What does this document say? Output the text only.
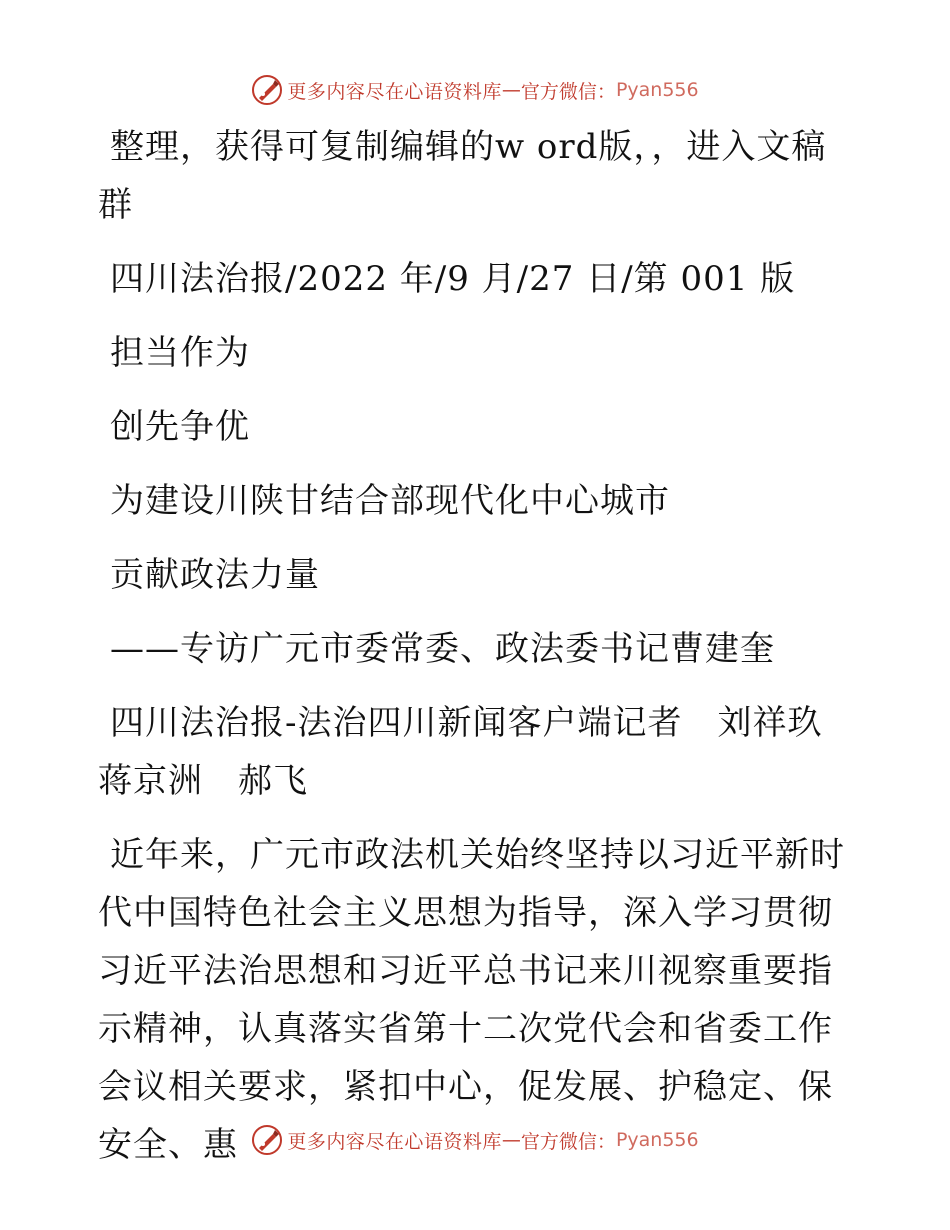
更多内容尽在心语资料库 — 官方微信： Pyan556

整理，获得可复制编辑的w ord版，，进入文稿群

四川法治报/2022 年/9 月/27 日/第 001 版

担当作为

创先争优

为建设川陕甘结合部现代化中心城市

贡献政法力量

——专访广元市委常委、政法委书记曹建奎

四川法治报-法治四川新闻客户端记者　刘祥玖　蒋京洲　郝飞

近年来，广元市政法机关始终坚持以习近平新时代中国特色社会主义思想为指导，深入学习贯彻习近平法治思想和习近平总书记来川视察重要指示精神，认真落实省第十二次党代会和省委工作会议相关要求，紧扣中心，促发展、护稳定、保安全、惠	更多内容尽在心语资料库 — 官方微信： Pyan556
